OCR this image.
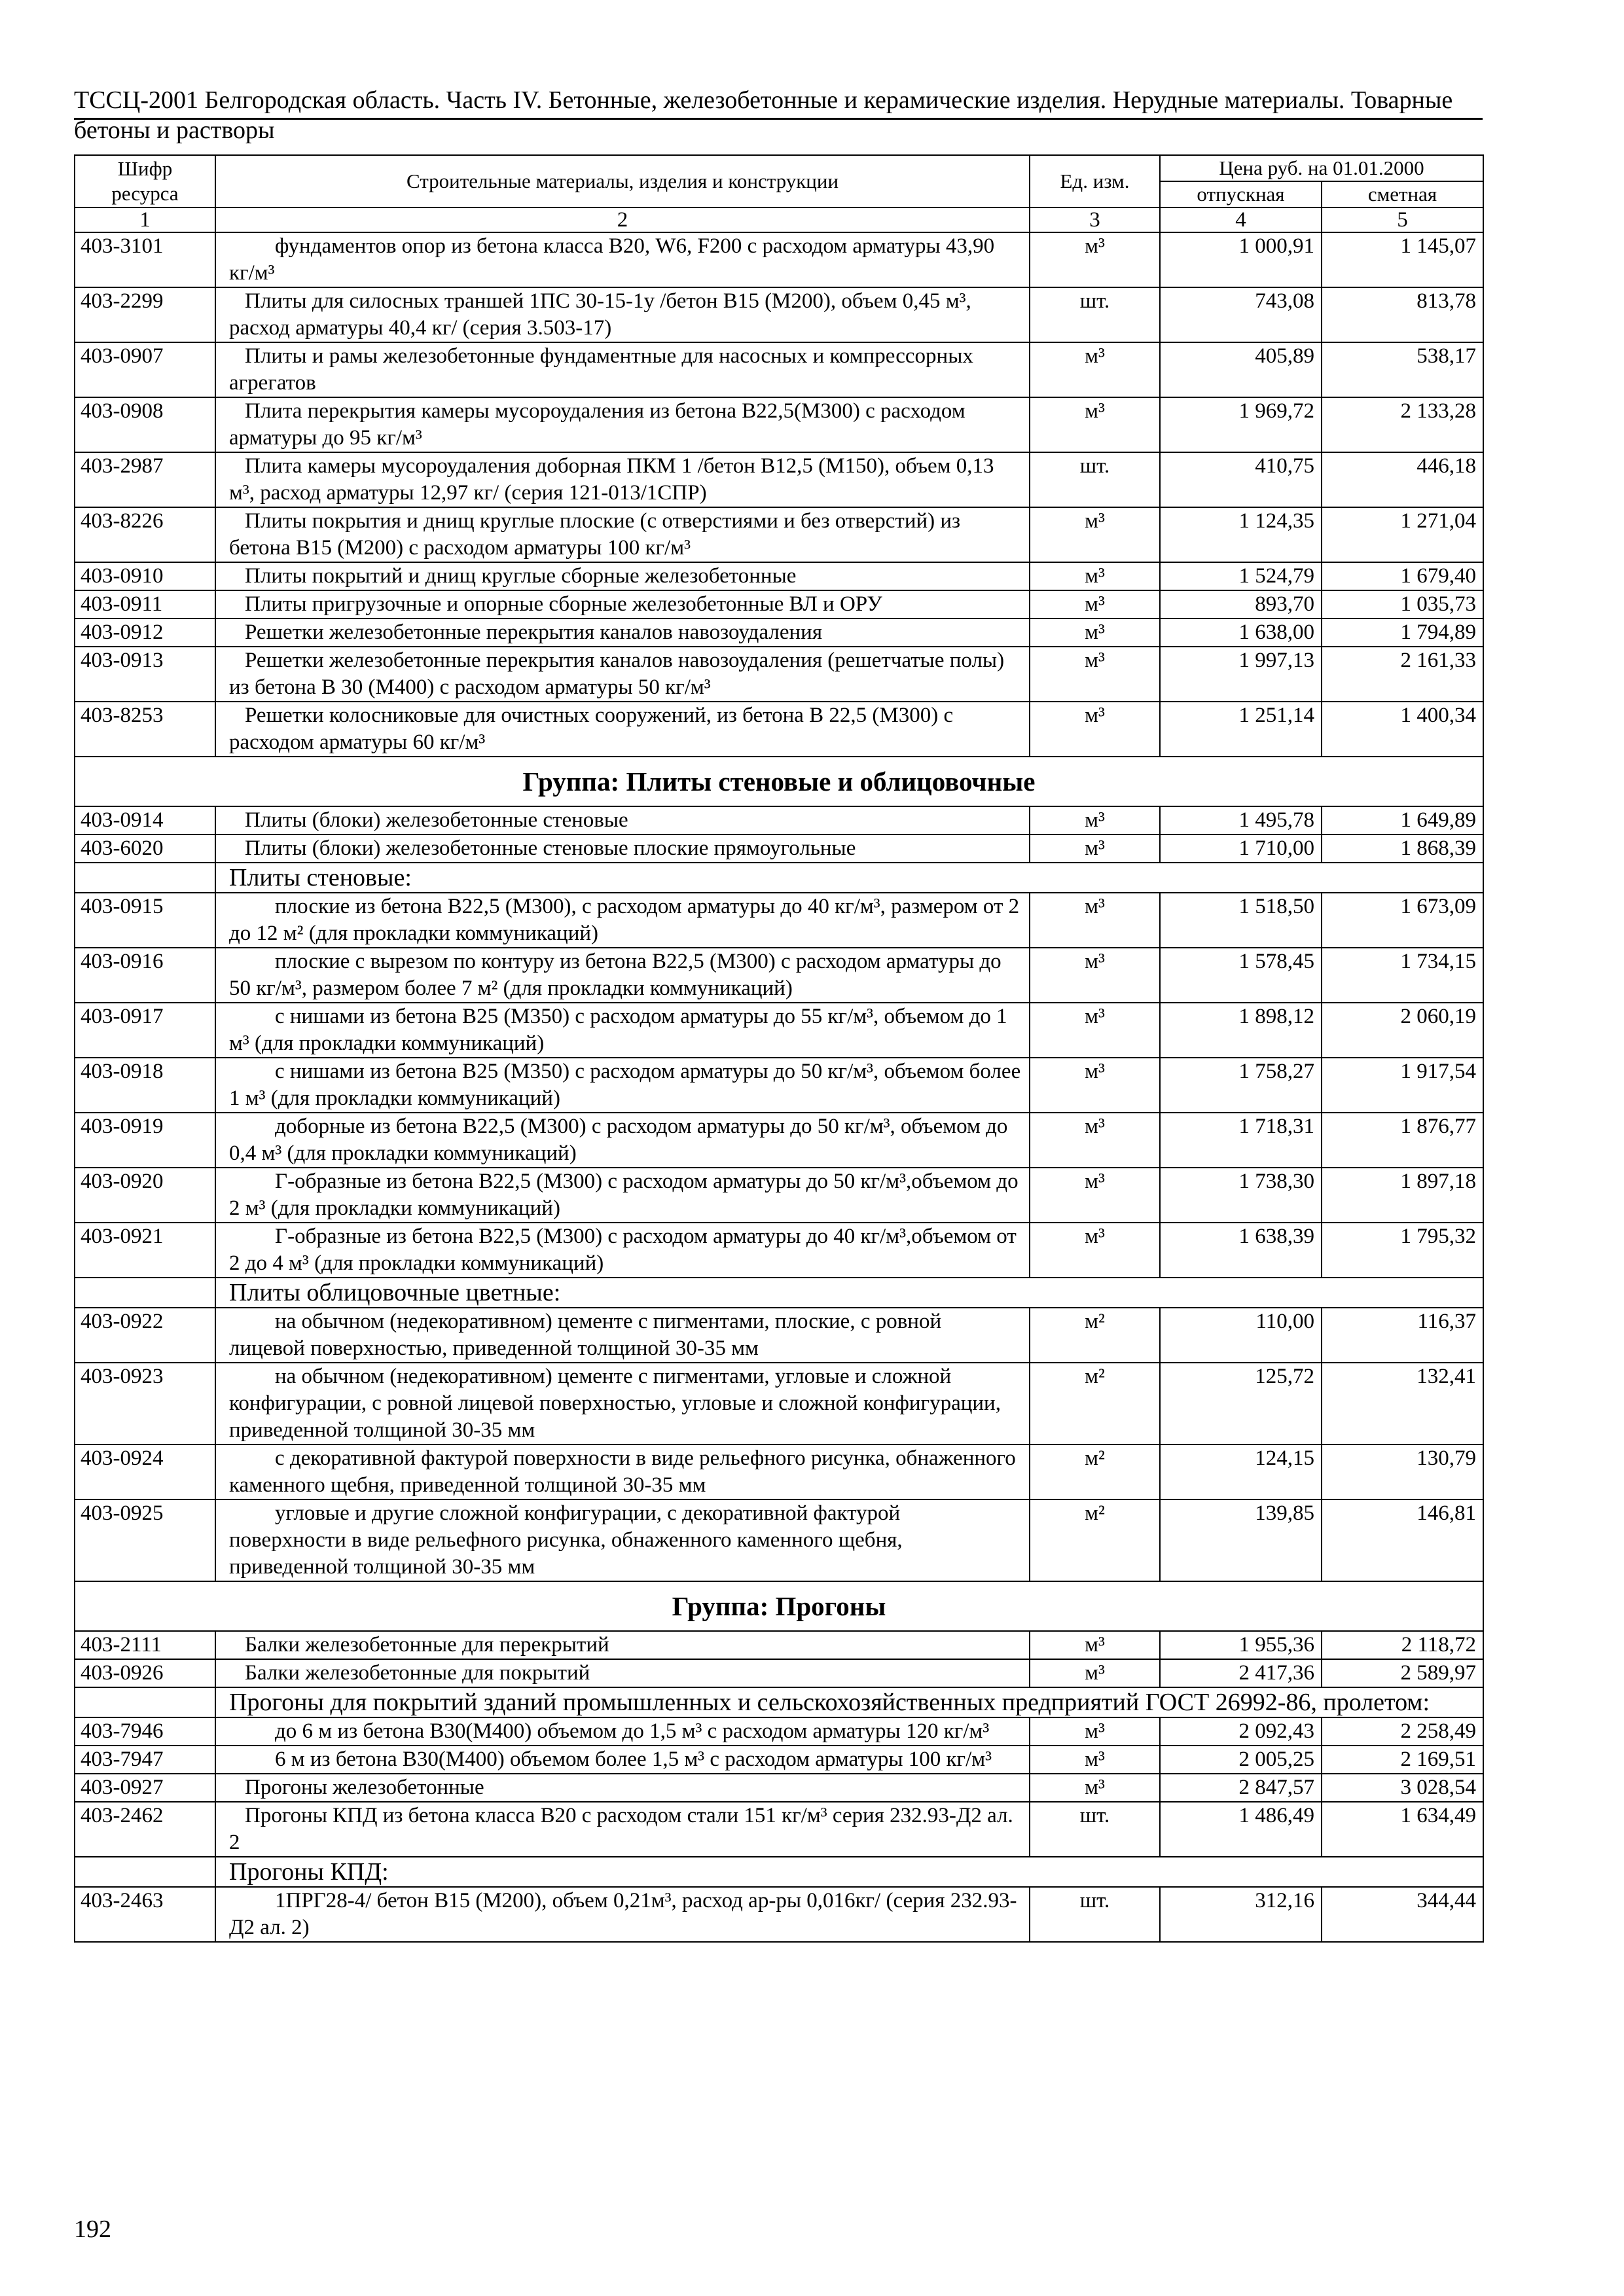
ТССЦ-2001 Белгородская область. Часть IV. Бетонные, железобетонные и керамические изделия. Нерудные материалы. Товарные бетоны и растворы
Шифр ресурса	Строительные материалы, изделия и конструкции	Ед. изм.	Цена руб. на 01.01.2000	
			отпускная	сметная
1	2	3	4	5
403-3101	фундаментов опор из бетона класса В20, W6, F200 с расходом арматуры 43,90 кг/м³	м³	1 000,91	1 145,07
403-2299	Плиты для силосных траншей 1ПС 30-15-1у /бетон В15 (М200), объем 0,45 м³, расход арматуры 40,4 кг/ (серия 3.503-17)	шт.	743,08	813,78
403-0907	Плиты и рамы железобетонные фундаментные для насосных и компрессорных агрегатов	м³	405,89	538,17
403-0908	Плита перекрытия камеры мусороудаления из бетона В22,5(М300) с расходом арматуры до 95 кг/м³	м³	1 969,72	2 133,28
403-2987	Плита камеры мусороудаления доборная ПКМ 1 /бетон В12,5 (М150), объем 0,13 м³, расход арматуры 12,97 кг/ (серия 121-013/1СПР)	шт.	410,75	446,18
403-8226	Плиты покрытия и днищ круглые плоские (с отверстиями и без отверстий) из бетона В15 (М200) с расходом арматуры 100 кг/м³	м³	1 124,35	1 271,04
403-0910	Плиты покрытий и днищ круглые сборные железобетонные	м³	1 524,79	1 679,40
403-0911	Плиты пригрузочные и опорные сборные железобетонные ВЛ и ОРУ	м³	893,70	1 035,73
403-0912	Решетки железобетонные перекрытия каналов навозоудаления	м³	1 638,00	1 794,89
403-0913	Решетки железобетонные перекрытия каналов навозоудаления (решетчатые полы) из бетона В 30 (М400) с расходом арматуры 50 кг/м³	м³	1 997,13	2 161,33
403-8253	Решетки колосниковые для очистных сооружений, из бетона В 22,5 (М300) с расходом арматуры 60 кг/м³	м³	1 251,14	1 400,34
Группа: Плиты стеновые и облицовочные				
403-0914	Плиты (блоки) железобетонные стеновые	м³	1 495,78	1 649,89
403-6020	Плиты (блоки) железобетонные стеновые плоские прямоугольные	м³	1 710,00	1 868,39
	Плиты стеновые:			
403-0915	плоские из бетона В22,5 (М300), с расходом арматуры до 40 кг/м³, размером от 2 до 12 м² (для прокладки коммуникаций)	м³	1 518,50	1 673,09
403-0916	плоские с вырезом по контуру из бетона В22,5 (М300) с расходом арматуры до 50 кг/м³, размером более 7 м² (для прокладки коммуникаций)	м³	1 578,45	1 734,15
403-0917	с нишами из бетона В25 (М350) с расходом арматуры до 55 кг/м³, объемом до 1 м³ (для прокладки коммуникаций)	м³	1 898,12	2 060,19
403-0918	с нишами из бетона В25 (М350) с расходом арматуры до 50 кг/м³, объемом более 1 м³ (для прокладки коммуникаций)	м³	1 758,27	1 917,54
403-0919	доборные из бетона В22,5 (М300) с расходом арматуры до 50 кг/м³, объемом до 0,4 м³ (для прокладки коммуникаций)	м³	1 718,31	1 876,77
403-0920	Г-образные из бетона В22,5 (М300) с расходом арматуры до 50 кг/м³,объемом до 2 м³ (для прокладки коммуникаций)	м³	1 738,30	1 897,18
403-0921	Г-образные из бетона В22,5 (М300) с расходом арматуры до 40 кг/м³,объемом от 2 до 4 м³ (для прокладки коммуникаций)	м³	1 638,39	1 795,32
	Плиты облицовочные цветные:			
403-0922	на обычном (недекоративном) цементе с пигментами, плоские, с ровной лицевой поверхностью, приведенной толщиной 30-35 мм	м²	110,00	116,37
403-0923	на обычном (недекоративном) цементе с пигментами, угловые и сложной конфигурации, с ровной лицевой поверхностью, угловые и сложной конфигурации, приведенной толщиной 30-35 мм	м²	125,72	132,41
403-0924	с декоративной фактурой поверхности в виде рельефного рисунка, обнаженного каменного щебня, приведенной толщиной 30-35 мм	м²	124,15	130,79
403-0925	угловые и другие сложной конфигурации, с декоративной фактурой поверхности в виде рельефного рисунка, обнаженного каменного щебня, приведенной толщиной 30-35 мм	м²	139,85	146,81
Группа: Прогоны				
403-2111	Балки железобетонные для перекрытий	м³	1 955,36	2 118,72
403-0926	Балки железобетонные для покрытий	м³	2 417,36	2 589,97
	Прогоны для покрытий зданий промышленных и сельскохозяйственных предприятий ГОСТ 26992-86, пролетом:			
403-7946	до 6 м из бетона В30(М400) объемом до 1,5 м³ с расходом арматуры 120 кг/м³	м³	2 092,43	2 258,49
403-7947	6 м из бетона В30(М400) объемом более 1,5 м³ с расходом арматуры 100 кг/м³	м³	2 005,25	2 169,51
403-0927	Прогоны железобетонные	м³	2 847,57	3 028,54
403-2462	Прогоны КПД из бетона класса В20 с расходом стали 151 кг/м³ серия 232.93-Д2 ал. 2	шт.	1 486,49	1 634,49
	Прогоны КПД:			
403-2463	1ПРГ28-4/ бетон В15 (М200), объем 0,21м³, расход ар-ры 0,016кг/ (серия 232.93-Д2 ал. 2)	шт.	312,16	344,44
192
